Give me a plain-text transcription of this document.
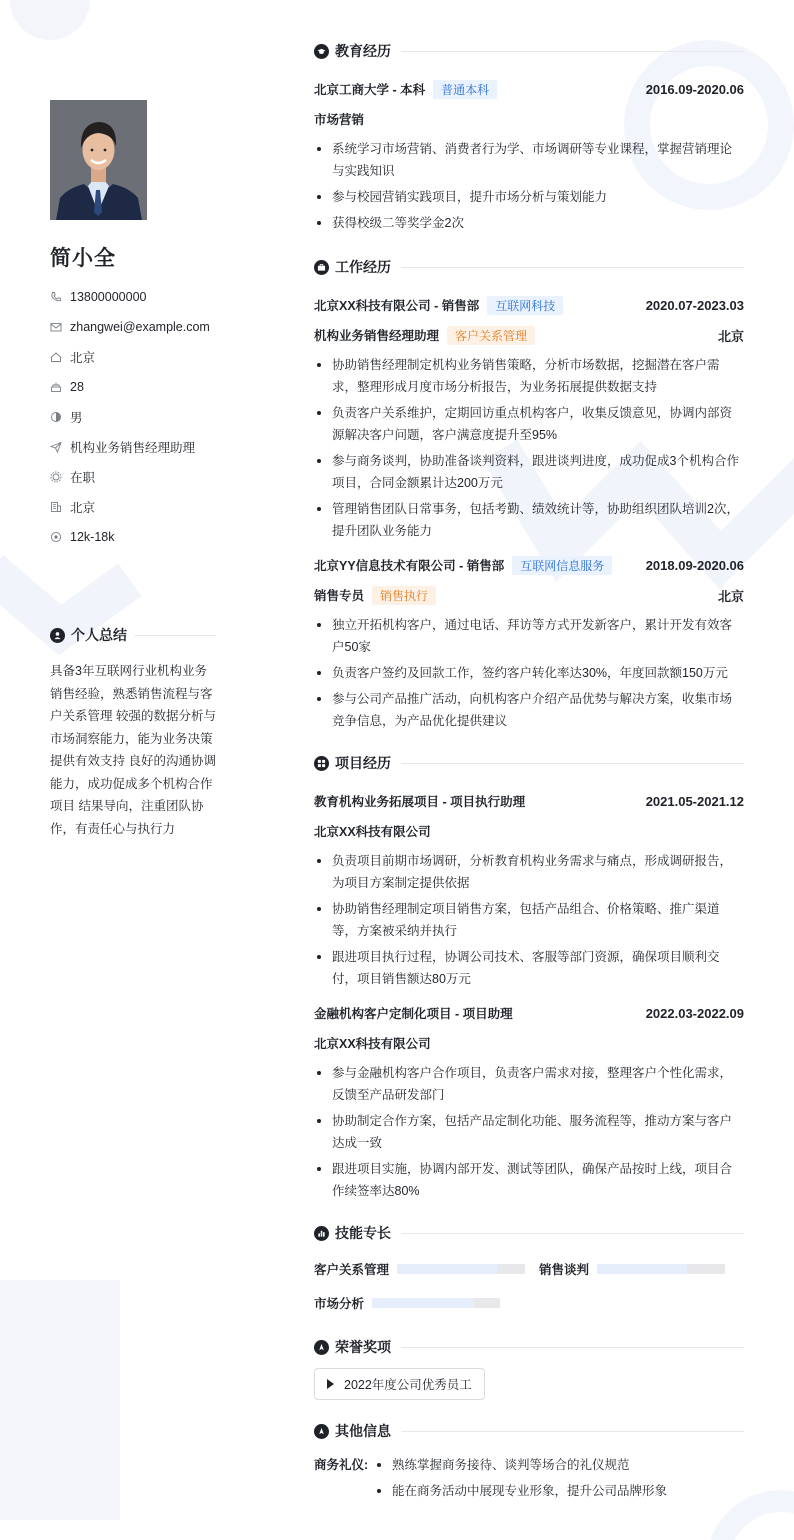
简小全
13800000000
zhangwei@example.com
北京
28
男
机构业务销售经理助理
在职
北京
12k-18k
个人总结
具备3年互联网行业机构业务销售经验，熟悉销售流程与客户关系管理 较强的数据分析与市场洞察能力，能为业务决策提供有效支持 良好的沟通协调能力，成功促成多个机构合作项目 结果导向，注重团队协作，有责任心与执行力
教育经历
北京工商大学 - 本科	普通本科	2016.09-2020.06
市场营销
系统学习市场营销、消费者行为学、市场调研等专业课程，掌握营销理论与实践知识
参与校园营销实践项目，提升市场分析与策划能力
获得校级二等奖学金2次
工作经历
北京XX科技有限公司 - 销售部	互联网科技	2020.07-2023.03
机构业务销售经理助理	客户关系管理	北京
协助销售经理制定机构业务销售策略，分析市场数据，挖掘潜在客户需求，整理形成月度市场分析报告，为业务拓展提供数据支持
负责客户关系维护，定期回访重点机构客户，收集反馈意见，协调内部资源解决客户问题，客户满意度提升至95%
参与商务谈判，协助准备谈判资料，跟进谈判进度，成功促成3个机构合作项目，合同金额累计达200万元
管理销售团队日常事务，包括考勤、绩效统计等，协助组织团队培训2次，提升团队业务能力
北京YY信息技术有限公司 - 销售部	互联网信息服务	2018.09-2020.06
销售专员	销售执行	北京
独立开拓机构客户，通过电话、拜访等方式开发新客户，累计开发有效客户50家
负责客户签约及回款工作，签约客户转化率达30%，年度回款额150万元
参与公司产品推广活动，向机构客户介绍产品优势与解决方案，收集市场竞争信息，为产品优化提供建议
项目经历
教育机构业务拓展项目 - 项目执行助理	2021.05-2021.12
北京XX科技有限公司
负责项目前期市场调研，分析教育机构业务需求与痛点，形成调研报告，为项目方案制定提供依据
协助销售经理制定项目销售方案，包括产品组合、价格策略、推广渠道等，方案被采纳并执行
跟进项目执行过程，协调公司技术、客服等部门资源，确保项目顺利交付，项目销售额达80万元
金融机构客户定制化项目 - 项目助理	2022.03-2022.09
北京XX科技有限公司
参与金融机构客户合作项目，负责客户需求对接，整理客户个性化需求，反馈至产品研发部门
协助制定合作方案，包括产品定制化功能、服务流程等，推动方案与客户达成一致
跟进项目实施，协调内部开发、测试等团队，确保产品按时上线，项目合作续签率达80%
技能专长
客户关系管理	销售谈判
市场分析
荣誉奖项
2022年度公司优秀员工
其他信息
商务礼仪:	熟练掌握商务接待、谈判等场合的礼仪规范
能在商务活动中展现专业形象，提升公司品牌形象
